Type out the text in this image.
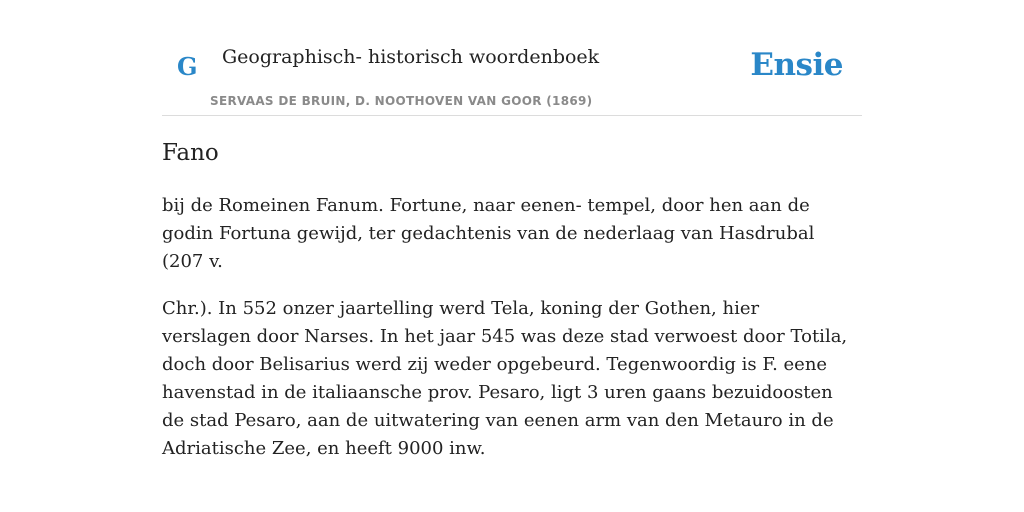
G Geographisch- historisch woordenboek
SERVAAS DE BRUIN, D. NOOTHOVEN VAN GOOR (1869)
Ensie
Fano

bij de Romeinen Fanum. Fortune, naar eenen- tempel, door hen aan de godin Fortuna gewijd, ter gedachtenis van de nederlaag van Hasdrubal (207 v.

Chr.). In 552 onzer jaartelling werd Tela, koning der Gothen, hier verslagen door Narses. In het jaar 545 was deze stad verwoest door Totila, doch door Belisarius werd zij weder opgebeurd. Tegenwoordig is F. eene havenstad in de italiaansche prov. Pesaro, ligt 3 uren gaans bezuidoosten de stad Pesaro, aan de uitwatering van eenen arm van den Metauro in de Adriatische Zee, en heeft 9000 inw.
